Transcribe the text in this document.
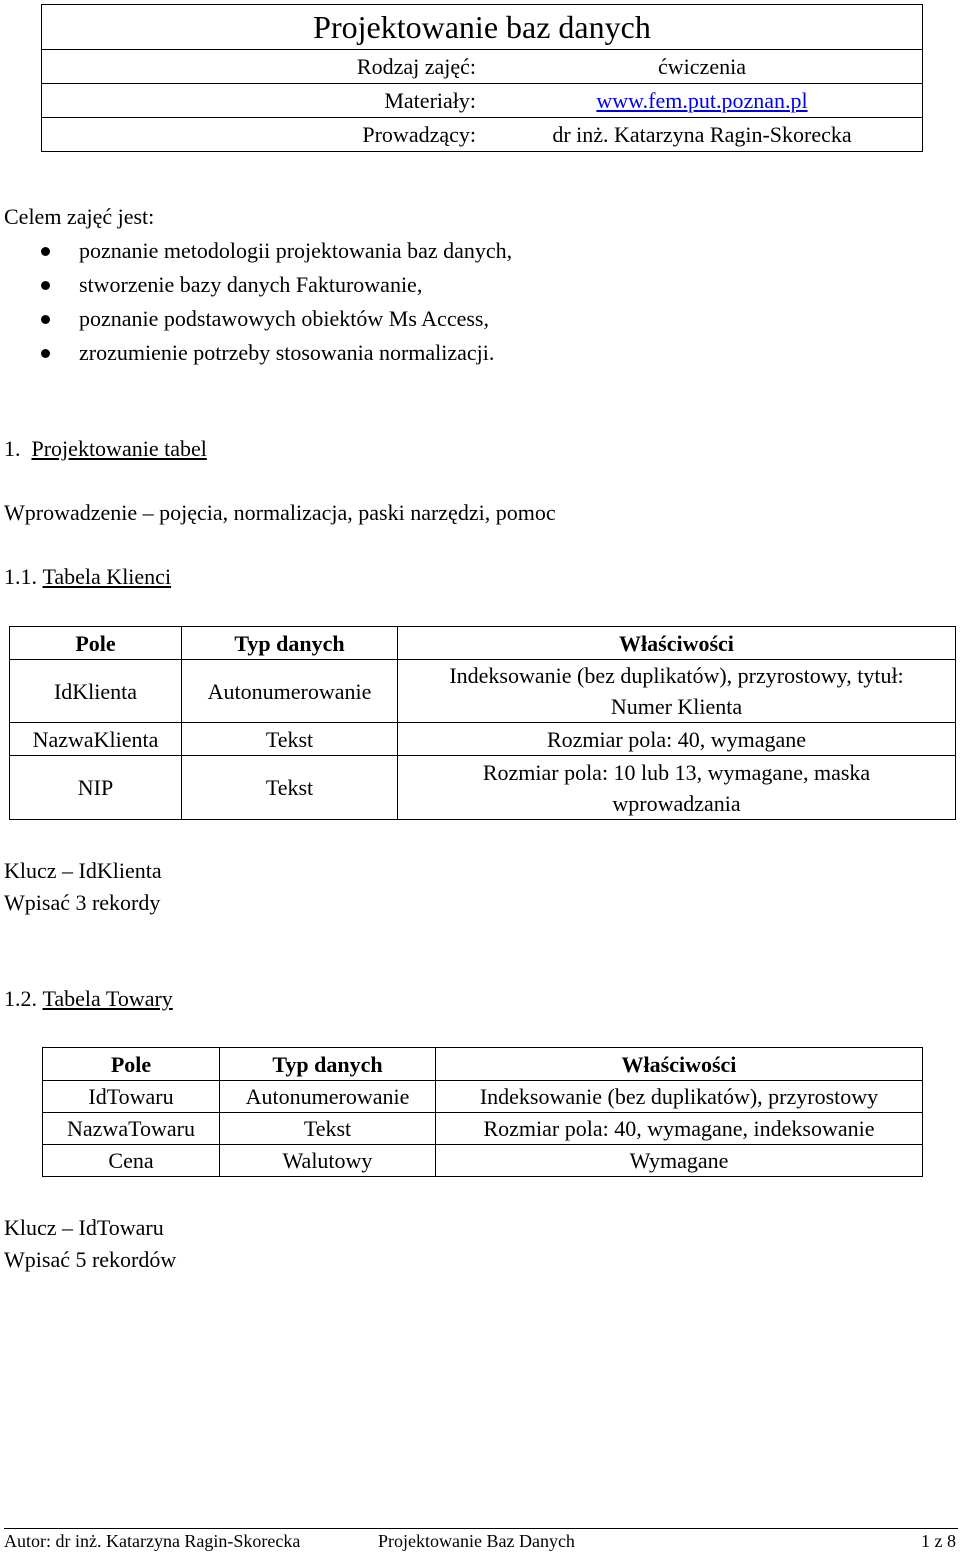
Projektowanie baz danych	
Rodzaj zajęć:	ćwiczenia
Materiały:	www.fem.put.poznan.pl
Prowadzący:	dr inż. Katarzyna Ragin-Skorecka
Celem zajęć jest:
poznanie metodologii projektowania baz danych,
stworzenie bazy danych Fakturowanie,
poznanie podstawowych obiektów Ms Access,
zrozumienie potrzeby stosowania normalizacji.
1. Projektowanie tabel
Wprowadzenie – pojęcia, normalizacja, paski narzędzi, pomoc
1.1. Tabela Klienci
Pole	Typ danych	Właściwości
IdKlienta	Autonumerowanie	Indeksowanie (bez duplikatów), przyrostowy, tytuł: Numer Klienta
NazwaKlienta	Tekst	Rozmiar pola: 40, wymagane
NIP	Tekst	Rozmiar pola: 10 lub 13, wymagane, maska wprowadzania
Klucz – IdKlienta
Wpisać 3 rekordy
1.2. Tabela Towary
Pole	Typ danych	Właściwości
IdTowaru	Autonumerowanie	Indeksowanie (bez duplikatów), przyrostowy
NazwaTowaru	Tekst	Rozmiar pola: 40, wymagane, indeksowanie
Cena	Walutowy	Wymagane
Klucz – IdTowaru
Wpisać 5 rekordów
Autor: dr inż. Katarzyna Ragin-Skorecka	Projektowanie Baz Danych	1 z 8
